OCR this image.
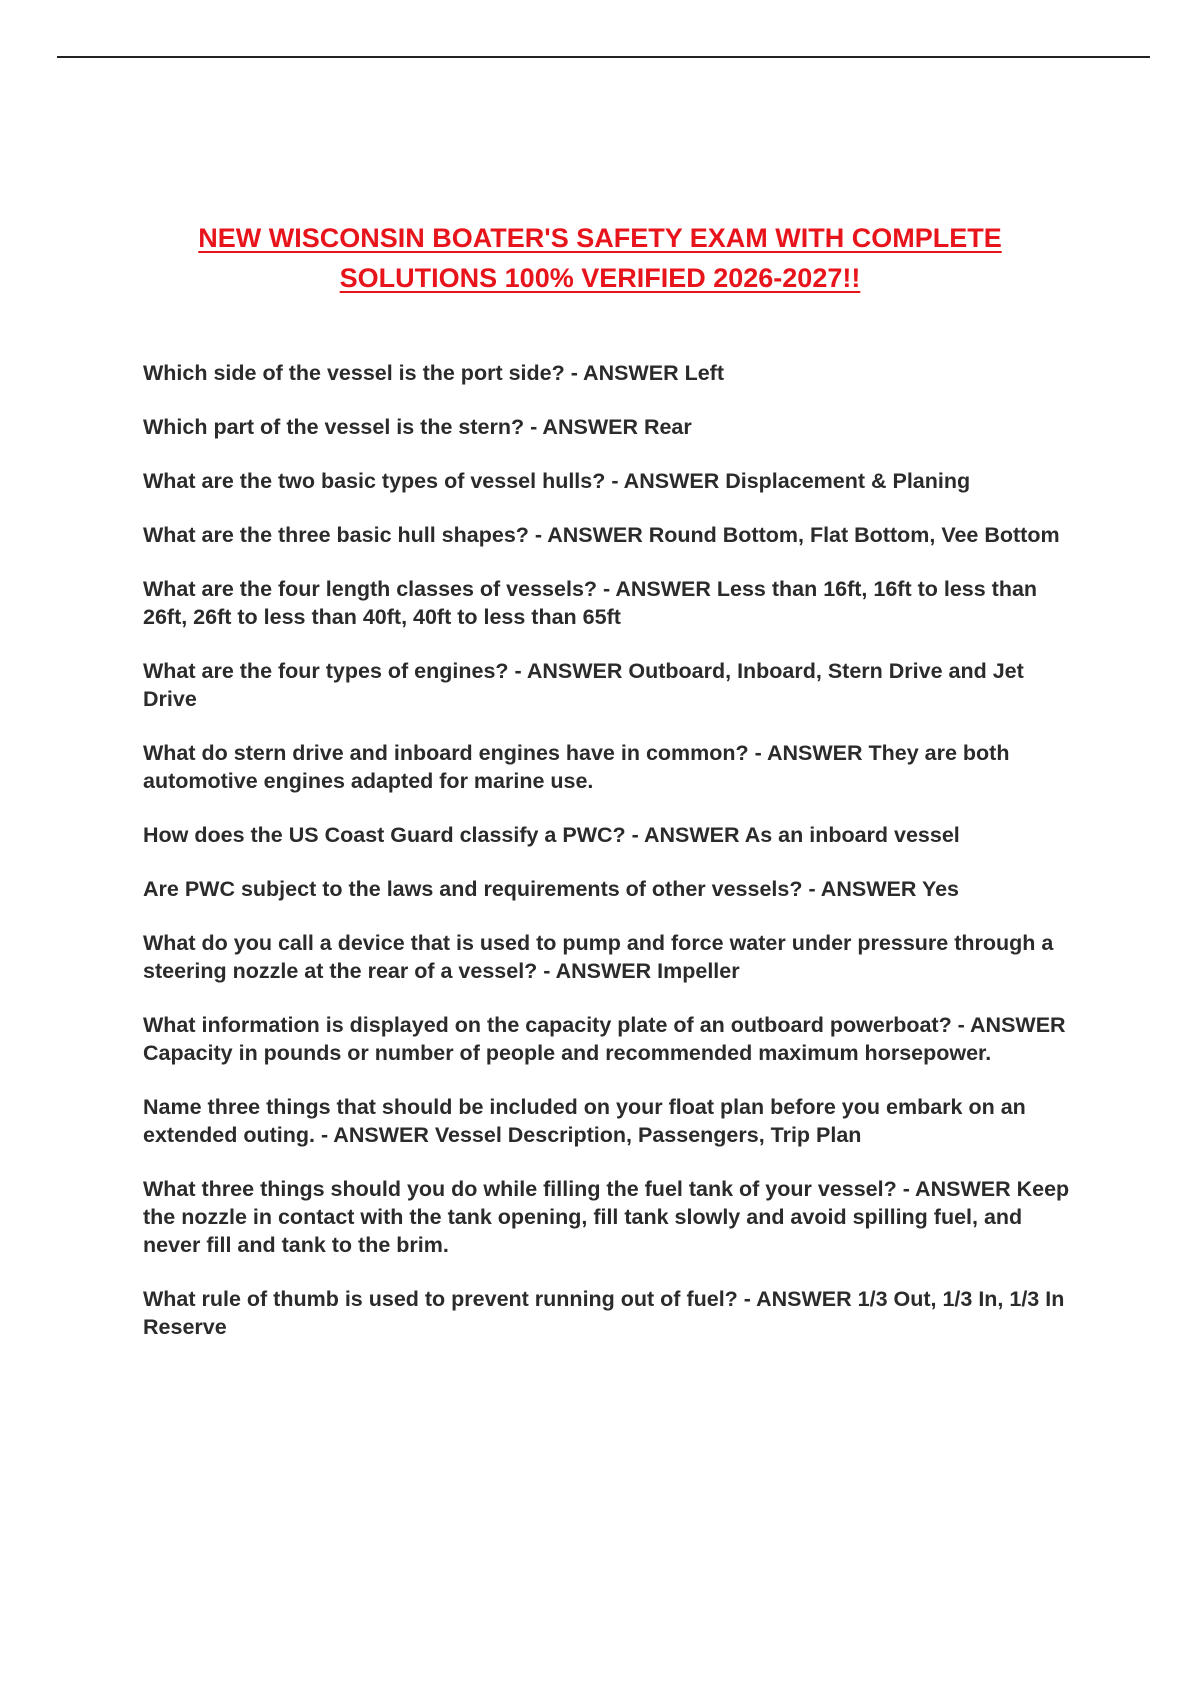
NEW WISCONSIN BOATER'S SAFETY EXAM WITH COMPLETE
SOLUTIONS 100% VERIFIED 2026-2027!!

Which side of the vessel is the port side? - ANSWER Left

Which part of the vessel is the stern? - ANSWER Rear

What are the two basic types of vessel hulls? - ANSWER Displacement & Planing

What are the three basic hull shapes? - ANSWER Round Bottom, Flat Bottom, Vee Bottom

What are the four length classes of vessels? - ANSWER Less than 16ft, 16ft to less than 26ft, 26ft to less than 40ft, 40ft to less than 65ft

What are the four types of engines? - ANSWER Outboard, Inboard, Stern Drive and Jet Drive

What do stern drive and inboard engines have in common? - ANSWER They are both automotive engines adapted for marine use.

How does the US Coast Guard classify a PWC? - ANSWER As an inboard vessel

Are PWC subject to the laws and requirements of other vessels? - ANSWER Yes

What do you call a device that is used to pump and force water under pressure through a steering nozzle at the rear of a vessel? - ANSWER Impeller

What information is displayed on the capacity plate of an outboard powerboat? - ANSWER Capacity in pounds or number of people and recommended maximum horsepower.

Name three things that should be included on your float plan before you embark on an extended outing. - ANSWER Vessel Description, Passengers, Trip Plan

What three things should you do while filling the fuel tank of your vessel? - ANSWER Keep the nozzle in contact with the tank opening, fill tank slowly and avoid spilling fuel, and never fill and tank to the brim.

What rule of thumb is used to prevent running out of fuel? - ANSWER 1/3 Out, 1/3 In, 1/3 In Reserve
